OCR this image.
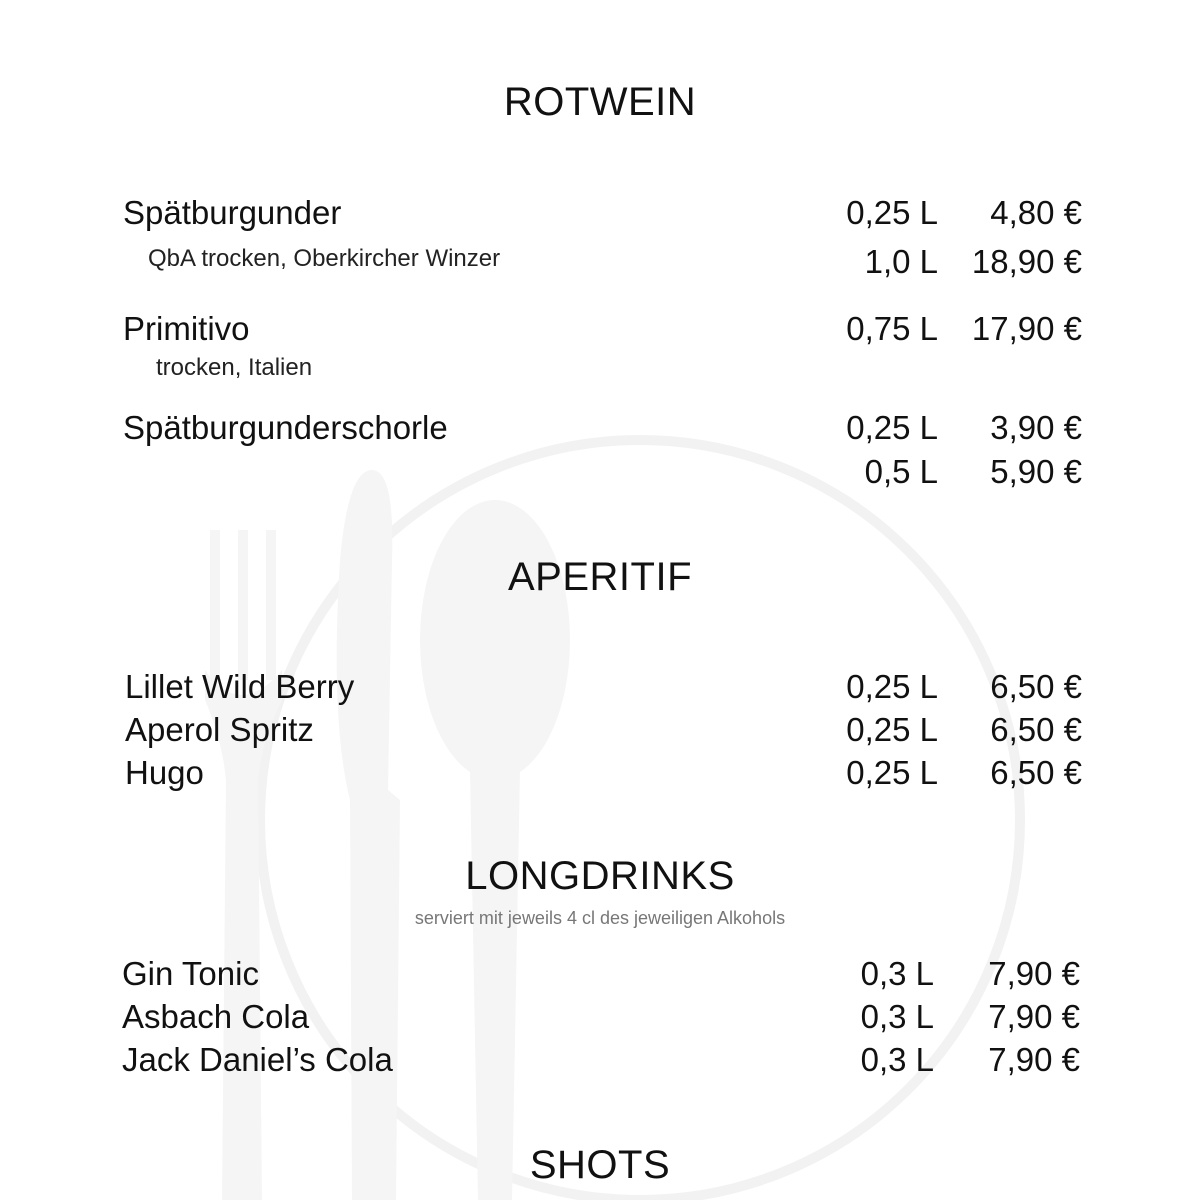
ROTWEIN
Spätburgunder	0,25 L 4,80 €
QbA trocken, Oberkircher Winzer	1,0 L 18,90 €
Primitivo	0,75 L 17,90 €
trocken, Italien
Spätburgunderschorle	0,25 L 3,90 €
0,5 L 5,90 €
APERITIF
Lillet Wild Berry	0,25 L 6,50 €
Aperol Spritz	0,25 L 6,50 €
Hugo	0,25 L 6,50 €
LONGDRINKS
serviert mit jeweils 4 cl des jeweiligen Alkohols
Gin Tonic	0,3 L 7,90 €
Asbach Cola	0,3 L 7,90 €
Jack Daniel’s Cola	0,3 L 7,90 €
SHOTS
